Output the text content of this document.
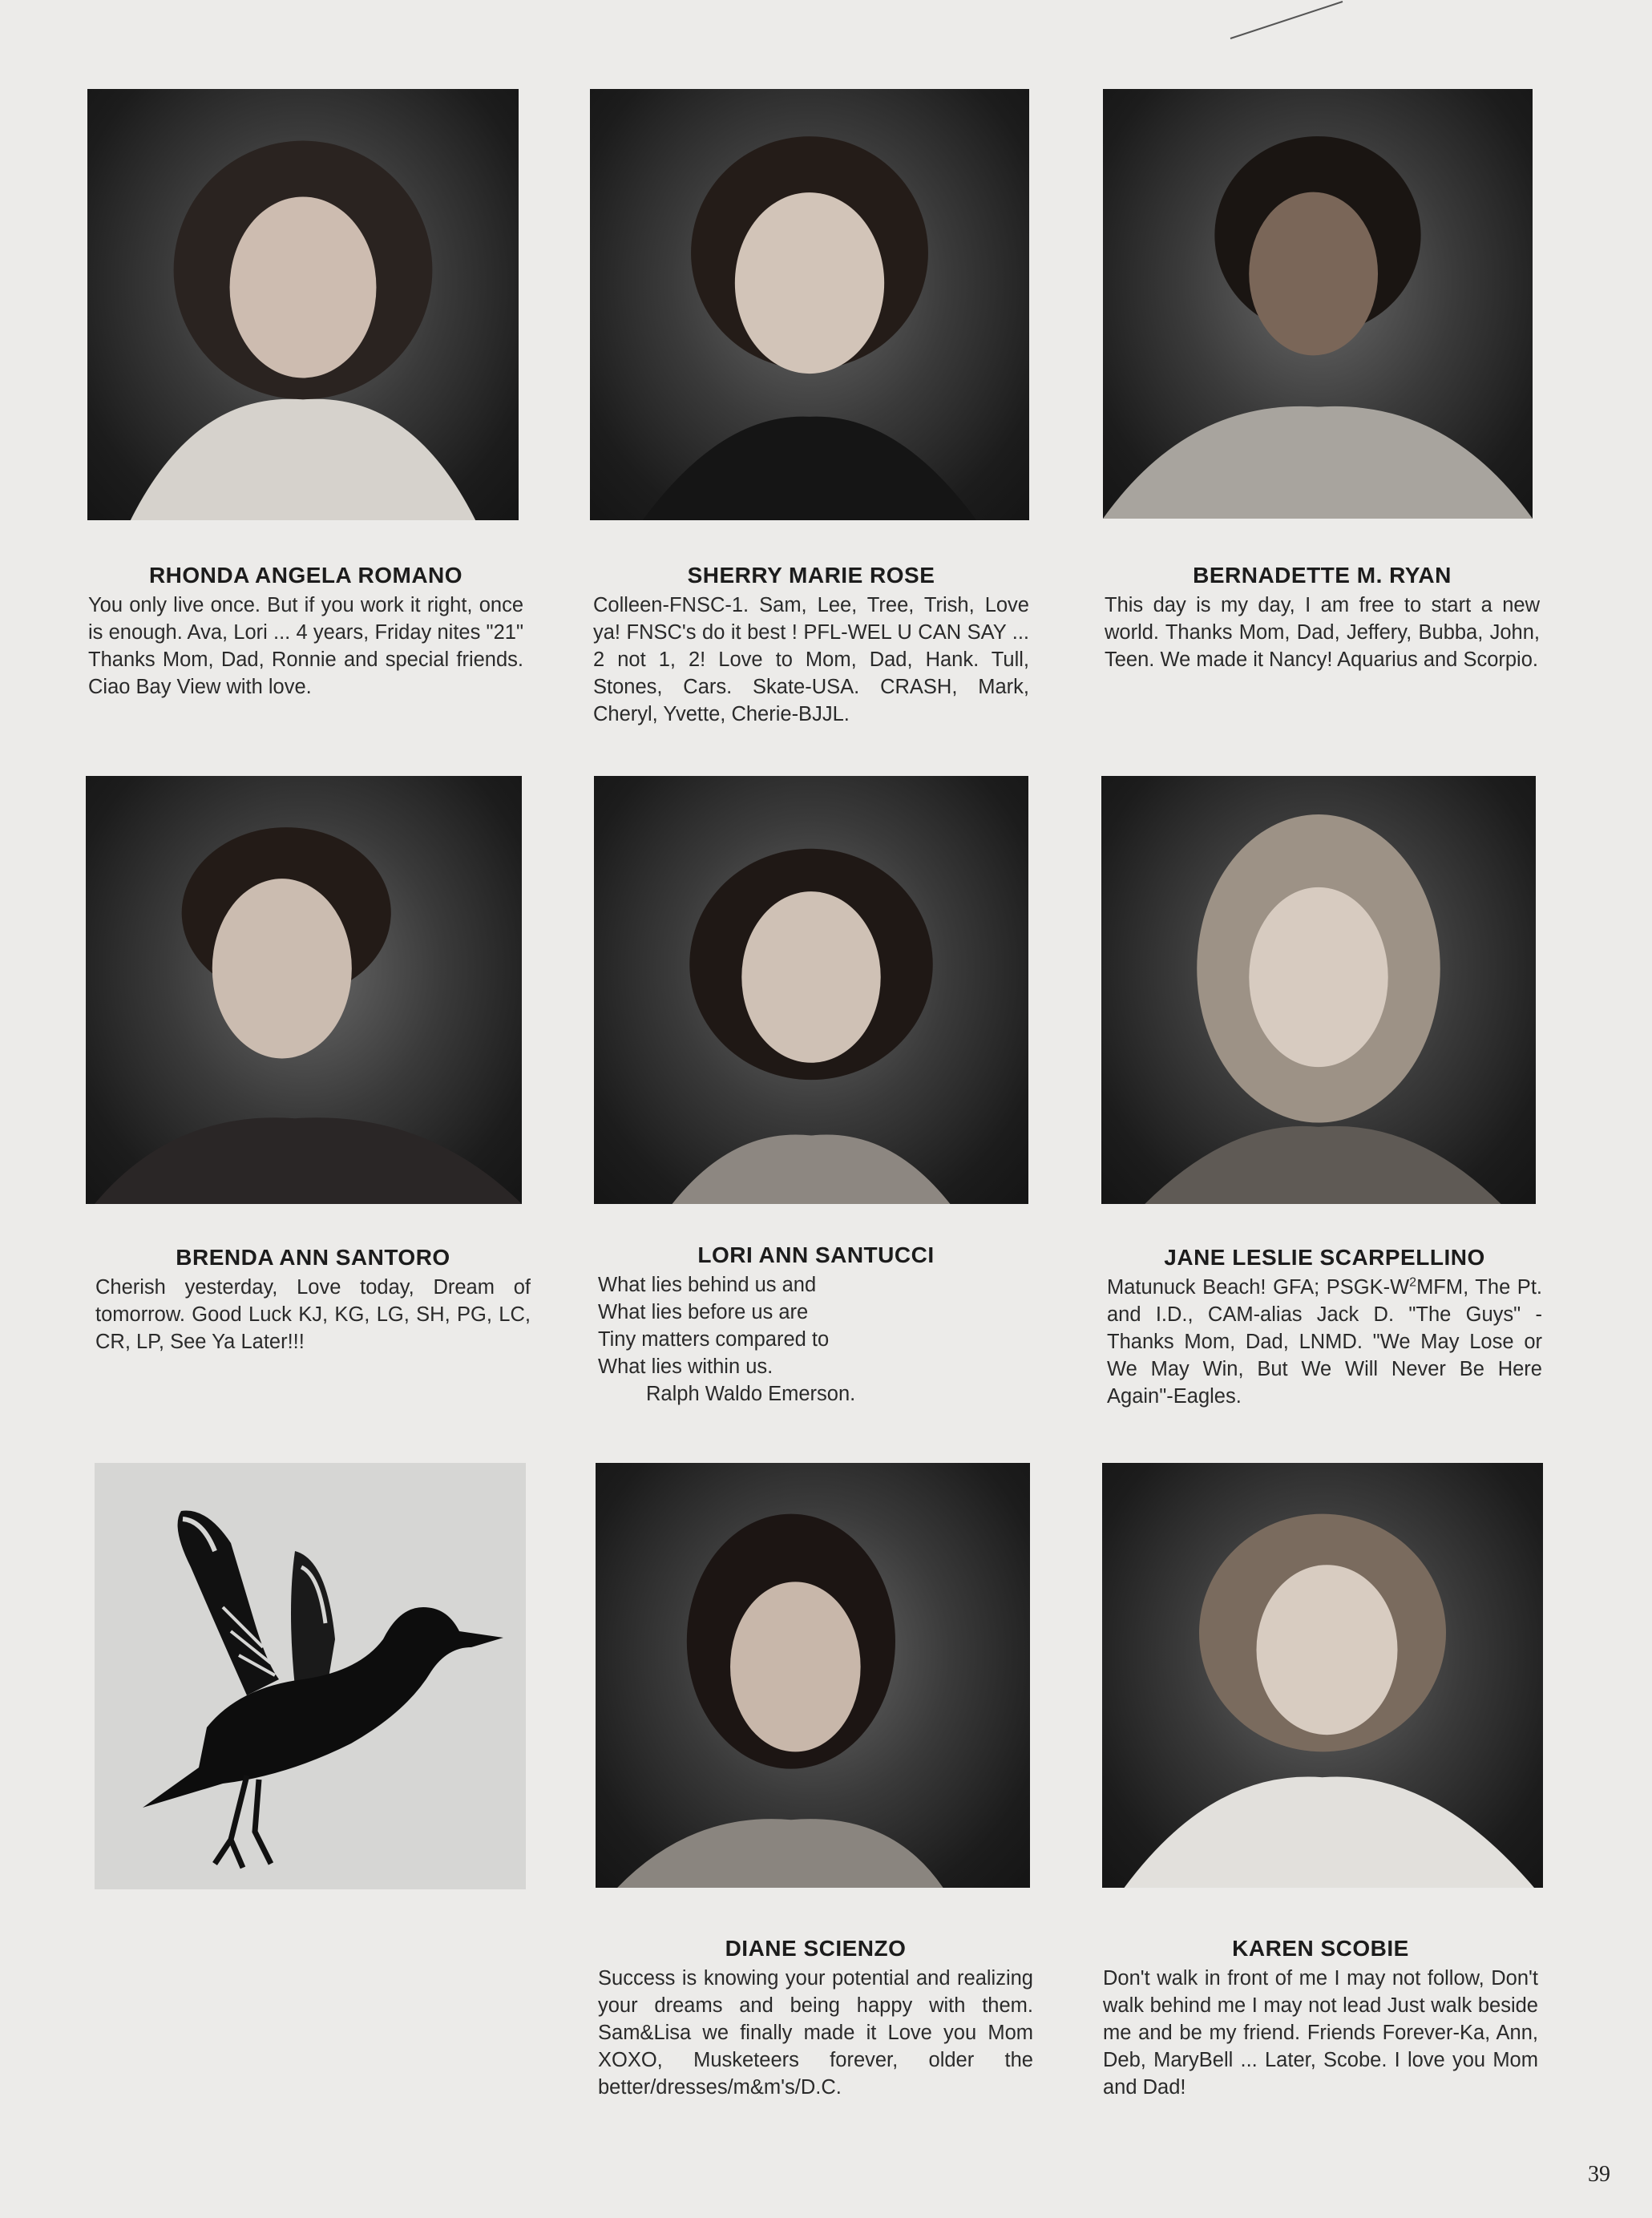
RHONDA ANGELA ROMANO

You only live once. But if you work it right, once is enough. Ava, Lori ... 4 years, Friday nites "21" Thanks Mom, Dad, Ronnie and special friends. Ciao Bay View with love.

SHERRY MARIE ROSE

Colleen-FNSC-1. Sam, Lee, Tree, Trish, Love ya! FNSC's do it best ! PFL-WEL U CAN SAY ... 2 not 1, 2! Love to Mom, Dad, Hank. Tull, Stones, Cars. Skate-USA. CRASH, Mark, Cheryl, Yvette, Cherie-BJJL.

BERNADETTE M. RYAN

This day is my day, I am free to start a new world. Thanks Mom, Dad, Jeffery, Bubba, John, Teen. We made it Nancy! Aquarius and Scorpio.

BRENDA ANN SANTORO

Cherish yesterday, Love today, Dream of tomorrow. Good Luck KJ, KG, LG, SH, PG, LC, CR, LP, See Ya Later!!!

LORI ANN SANTUCCI

What lies behind us and
What lies before us are
Tiny matters compared to
What lies within us.
Ralph Waldo Emerson.

JANE LESLIE SCARPELLINO

Matunuck Beach! GFA; PSGK-$W^2MFM$, The Pt. and I.D., CAM-alias Jack D. "The Guys" -Thanks Mom, Dad, LNMD. "We May Lose or We May Win, But We Will Never Be Here Again"-Eagles.

DIANE SCIENZO

Success is knowing your potential and realizing your dreams and being happy with them. Sam&Lisa we finally made it Love you Mom XOXO, Musketeers forever, older the better/dresses/m&m's/D.C.

KAREN SCOBIE

Don't walk in front of me I may not follow, Don't walk behind me I may not lead Just walk beside me and be my friend. Friends Forever-Ka, Ann, Deb, MaryBell ... Later, Scobe. I love you Mom and Dad!

39
